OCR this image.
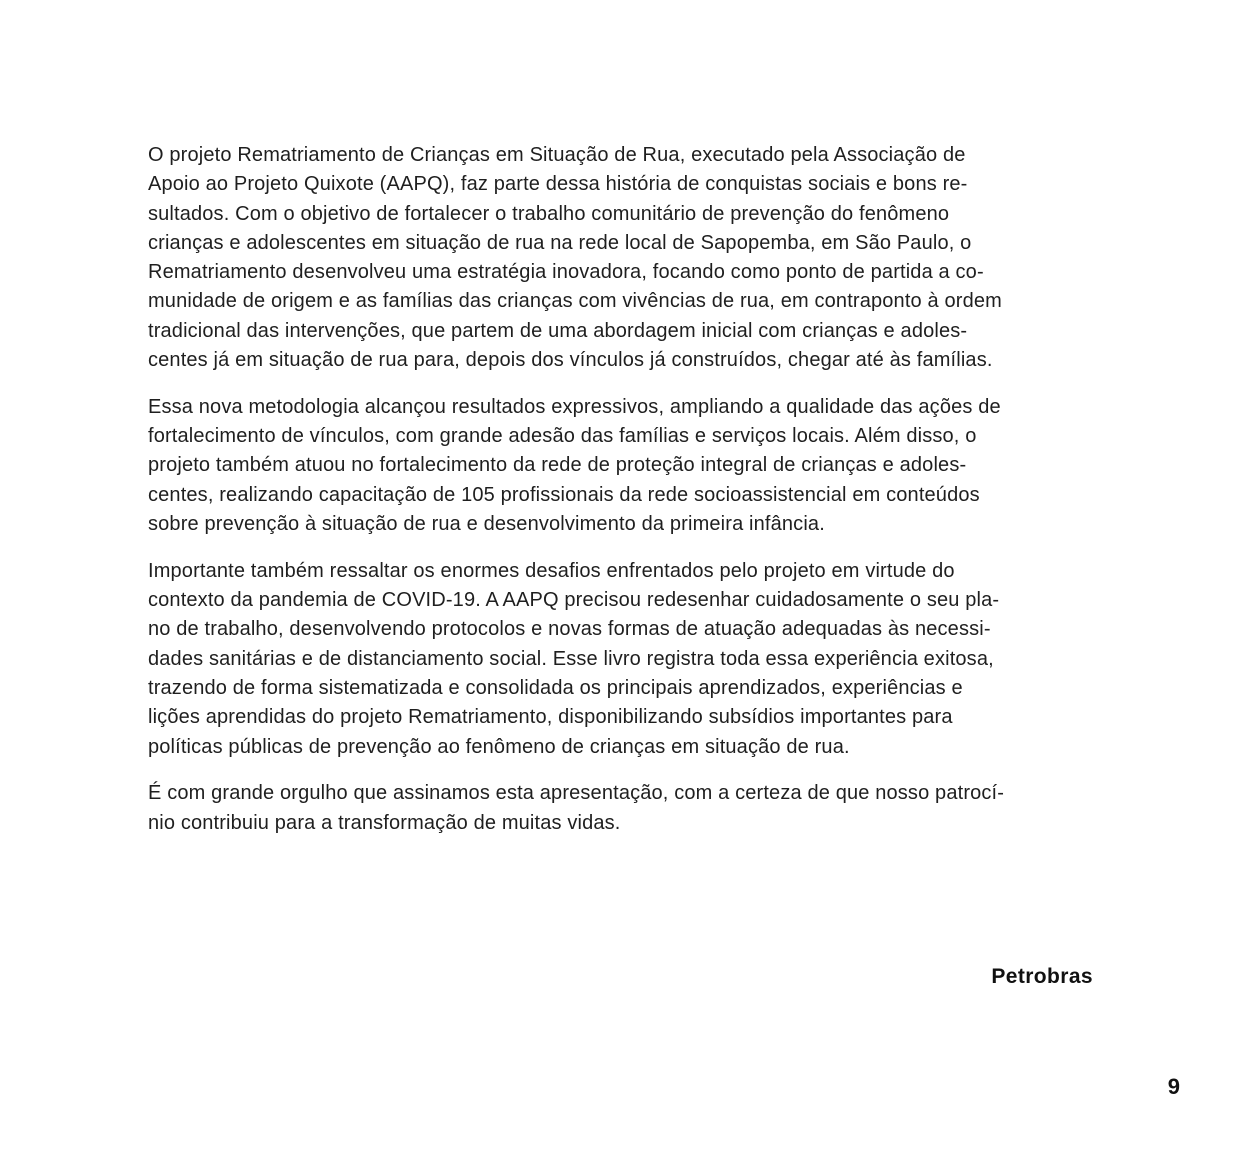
O projeto Rematriamento de Crianças em Situação de Rua, executado pela Associação de
Apoio ao Projeto Quixote (AAPQ), faz parte dessa história de conquistas sociais e bons re-
sultados. Com o objetivo de fortalecer o trabalho comunitário de prevenção do fenômeno
crianças e adolescentes em situação de rua na rede local de Sapopemba, em São Paulo, o
Rematriamento desenvolveu uma estratégia inovadora, focando como ponto de partida a co-
munidade de origem e as famílias das crianças com vivências de rua, em contraponto à ordem
tradicional das intervenções, que partem de uma abordagem inicial com crianças e adoles-
centes já em situação de rua para, depois dos vínculos já construídos, chegar até às famílias.

Essa nova metodologia alcançou resultados expressivos, ampliando a qualidade das ações de
fortalecimento de vínculos, com grande adesão das famílias e serviços locais. Além disso, o
projeto também atuou no fortalecimento da rede de proteção integral de crianças e adoles-
centes, realizando capacitação de 105 profissionais da rede socioassistencial em conteúdos
sobre prevenção à situação de rua e desenvolvimento da primeira infância.

Importante também ressaltar os enormes desafios enfrentados pelo projeto em virtude do
contexto da pandemia de COVID-19. A AAPQ precisou redesenhar cuidadosamente o seu pla-
no de trabalho, desenvolvendo protocolos e novas formas de atuação adequadas às necessi-
dades sanitárias e de distanciamento social. Esse livro registra toda essa experiência exitosa,
trazendo de forma sistematizada e consolidada os principais aprendizados, experiências e
lições aprendidas do projeto Rematriamento, disponibilizando subsídios importantes para
políticas públicas de prevenção ao fenômeno de crianças em situação de rua.

É com grande orgulho que assinamos esta apresentação, com a certeza de que nosso patrocí-
nio contribuiu para a transformação de muitas vidas.

Petrobras
9
